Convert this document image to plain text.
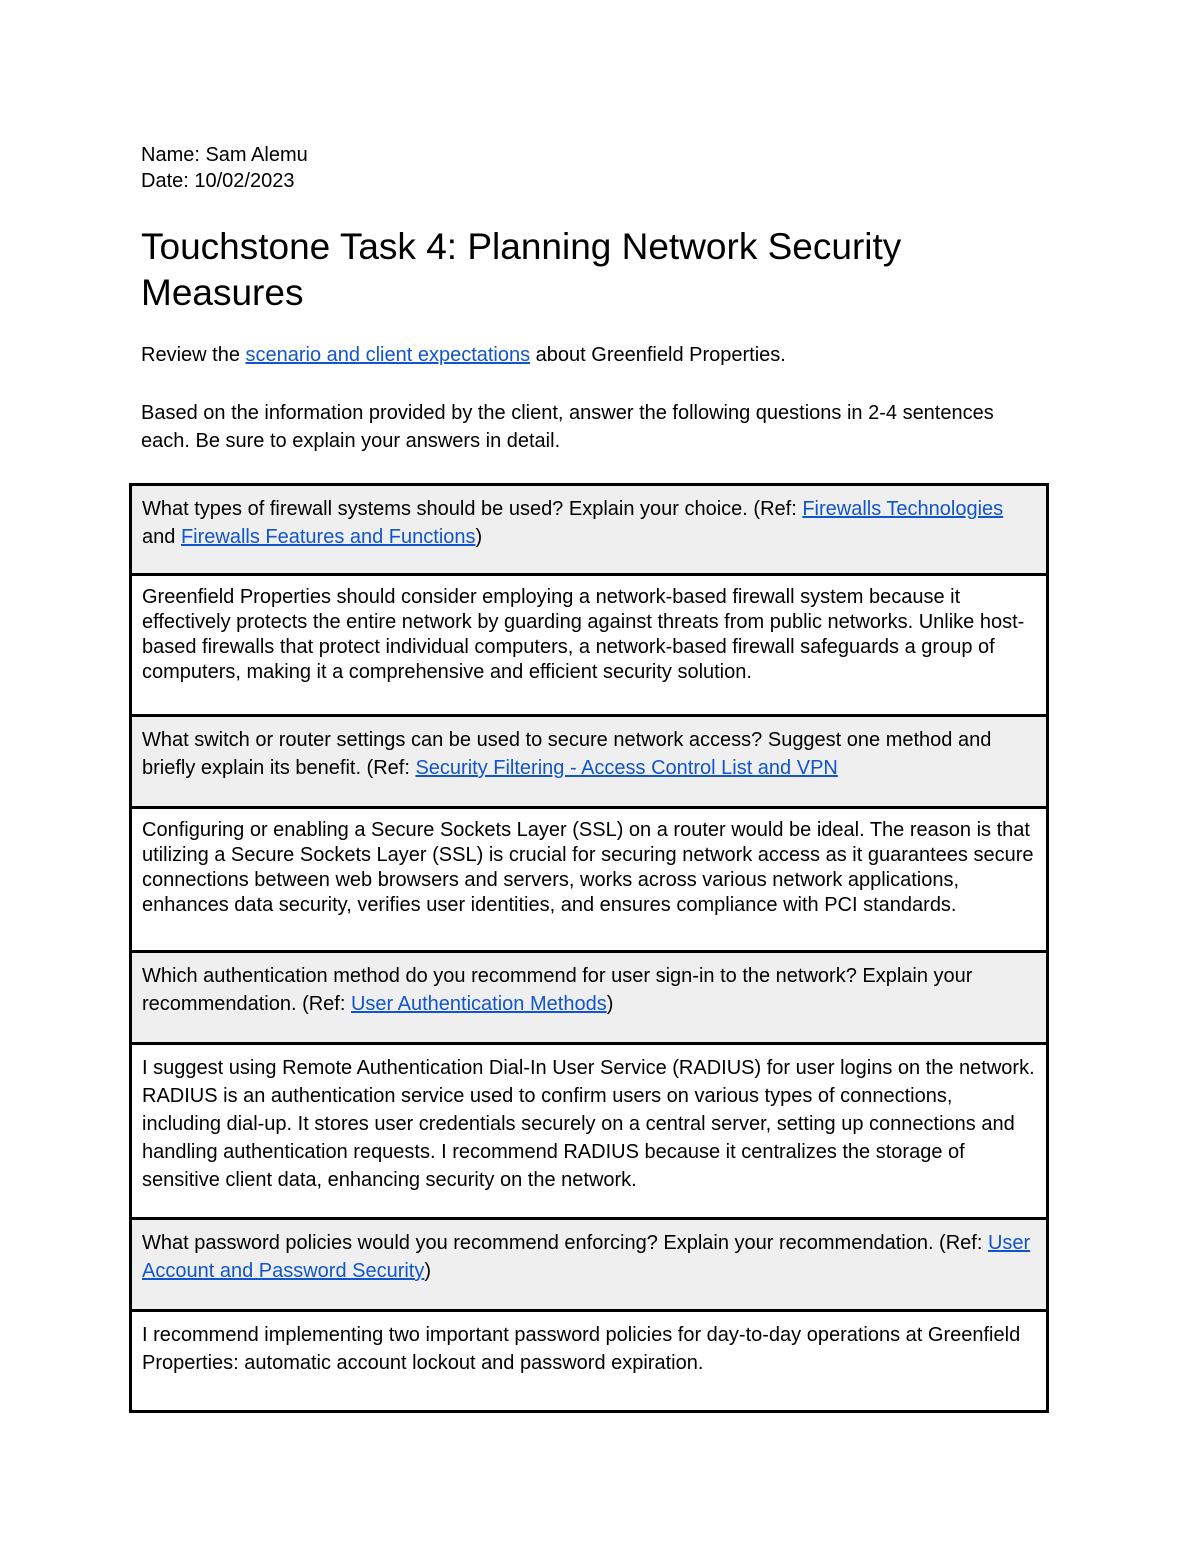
Name: Sam Alemu
Date: 10/02/2023
Touchstone Task 4: Planning Network Security Measures

Review the scenario and client expectations about Greenfield Properties.

Based on the information provided by the client, answer the following questions in 2-4 sentences each. Be sure to explain your answers in detail.

What types of firewall systems should be used? Explain your choice. (Ref: Firewalls Technologies and Firewalls Features and Functions)
Greenfield Properties should consider employing a network-based firewall system because it effectively protects the entire network by guarding against threats from public networks. Unlike host-based firewalls that protect individual computers, a network-based firewall safeguards a group of computers, making it a comprehensive and efficient security solution.
What switch or router settings can be used to secure network access? Suggest one method and briefly explain its benefit. (Ref: Security Filtering - Access Control List and VPN
Configuring or enabling a Secure Sockets Layer (SSL) on a router would be ideal. The reason is that utilizing a Secure Sockets Layer (SSL) is crucial for securing network access as it guarantees secure connections between web browsers and servers, works across various network applications, enhances data security, verifies user identities, and ensures compliance with PCI standards.
Which authentication method do you recommend for user sign-in to the network? Explain your recommendation. (Ref: User Authentication Methods)
I suggest using Remote Authentication Dial-In User Service (RADIUS) for user logins on the network. RADIUS is an authentication service used to confirm users on various types of connections, including dial-up. It stores user credentials securely on a central server, setting up connections and handling authentication requests. I recommend RADIUS because it centralizes the storage of sensitive client data, enhancing security on the network.
What password policies would you recommend enforcing? Explain your recommendation. (Ref: User Account and Password Security)
I recommend implementing two important password policies for day-to-day operations at Greenfield Properties: automatic account lockout and password expiration.
